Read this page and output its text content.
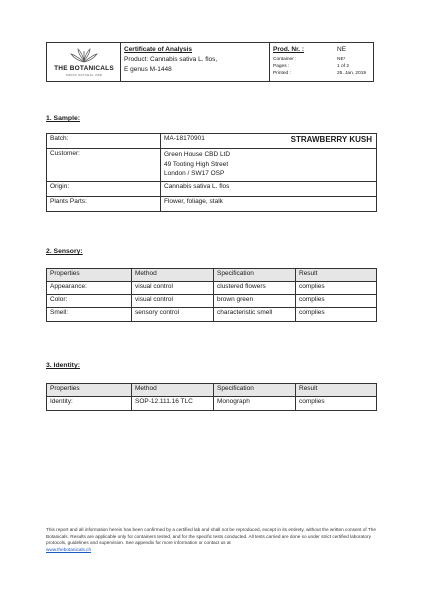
THE BOTANICALS
SWISS NATURAL CBD
Certificate of Analysis
Product: Cannabis sativa L. flos,
E genus M-1448
Prod. Nr. :	NE
Container :	NE¹
Pages :	1 of 2
Printed :	25. Jan. 2019
1. Sample:
Batch:	MA-18170901 STRAWBERRY KUSH

Customer:	Green House CBD LtD
49 Tooting High Street
London / SW17 OSP

Origin:	Cannabis sativa L. flos
Plants Parts:	Flower, foliage, stalk
2. Sensory:
Properties	Method	Specification	Result
Appearance:	visual control	clustered flowers	complies
Color:	visual control	brown green	complies
Smell:	sensory control	characteristic smell	complies
3. Identity:
Properties	Method	Specification	Result
Identity:	SOP-12.111.16 TLC	Monograph	complies
This report and all information herein has been confirmed by a certified lab and shall not be reproduced, except in its entirety, without the written consent of The Botanicals. Results are applicable only for containers tested, and for the specific tests conducted. All tests carried are done so under strict certified laboratory protocols, guidelines and supervision. See appendix for more information or contact us at
www.thebotanicals.ch
